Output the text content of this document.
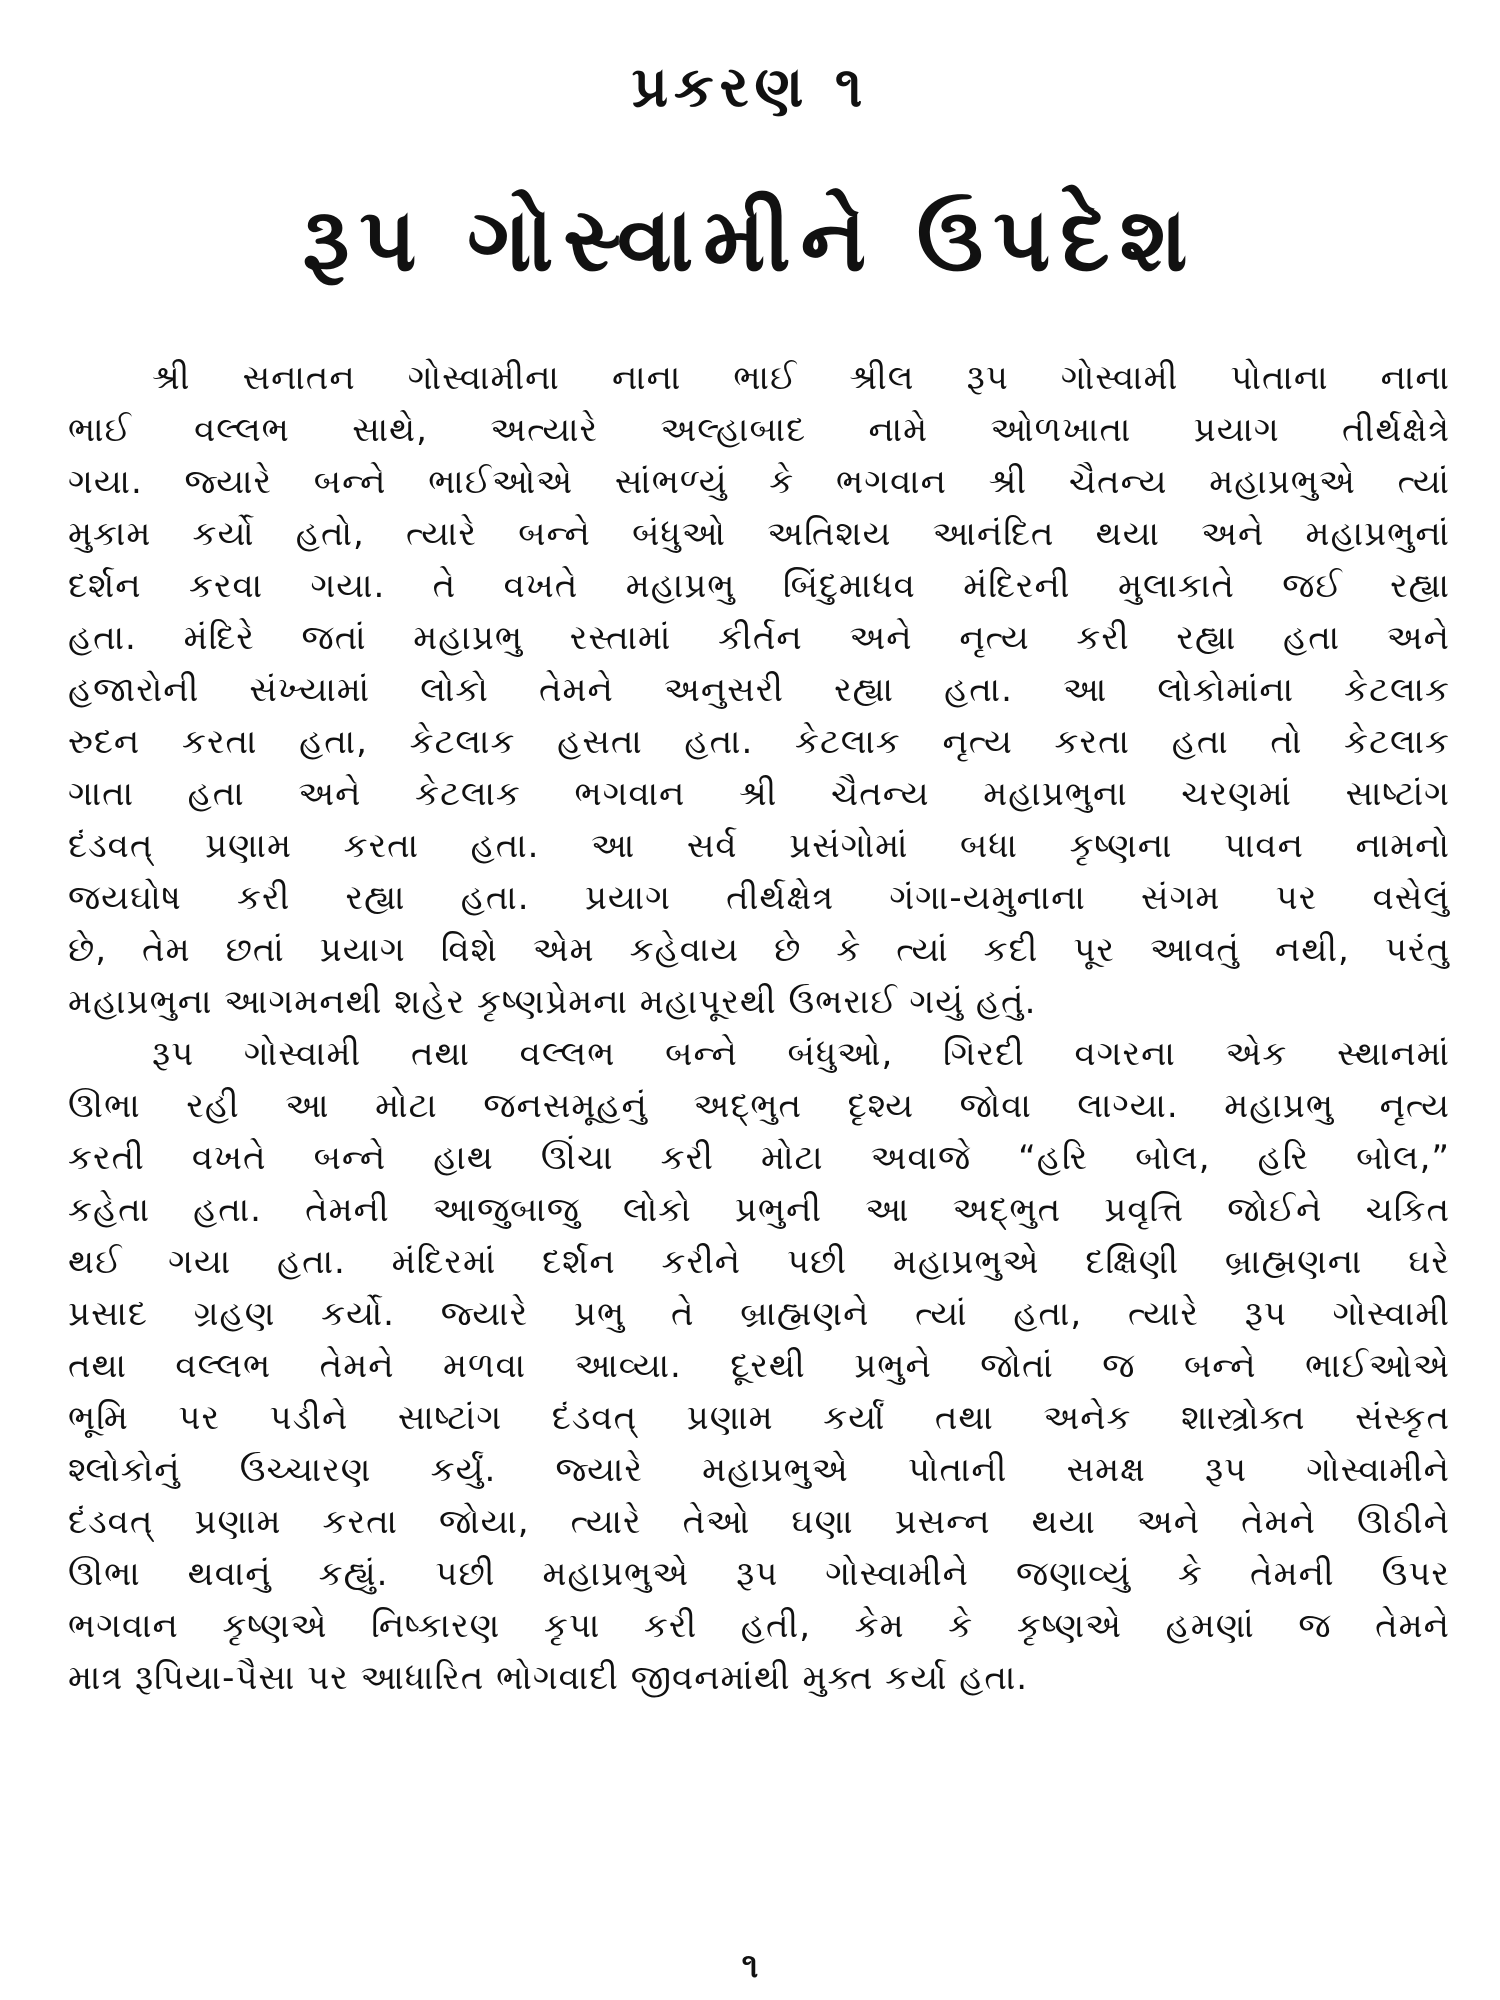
પ્રકરણ ૧
રૂપ ગોસ્વામીને ઉપદેશ
શ્રી સનાતન ગોસ્વામીના નાના ભાઈ શ્રીલ રૂપ ગોસ્વામી પોતાના નાના
ભાઈ વલ્લભ સાથે, અત્યારે અલ્હાબાદ નામે ઓળખાતા પ્રયાગ તીર્થક્ષેત્રે
ગયા. જ્યારે બન્ને ભાઈઓએ સાંભળ્યું કે ભગવાન શ્રી ચૈતન્ય મહાપ્રભુએ ત્યાં
મુકામ કર્યો હતો, ત્યારે બન્ને બંધુઓ અતિશય આનંદિત થયા અને મહાપ્રભુનાં
દર્શન કરવા ગયા. તે વખતે મહાપ્રભુ બિંદુમાધવ મંદિરની મુલાકાતે જઈ રહ્યા
હતા. મંદિરે જતાં મહાપ્રભુ રસ્તામાં કીર્તન અને નૃત્ય કરી રહ્યા હતા અને
હજારોની સંખ્યામાં લોકો તેમને અનુસરી રહ્યા હતા. આ લોકોમાંના કેટલાક
રુદન કરતા હતા, કેટલાક હસતા હતા. કેટલાક નૃત્ય કરતા હતા તો કેટલાક
ગાતા હતા અને કેટલાક ભગવાન શ્રી ચૈતન્ય મહાપ્રભુના ચરણમાં સાષ્ટાંગ
દંડવત્ પ્રણામ કરતા હતા. આ સર્વ પ્રસંગોમાં બધા કૃષ્ણના પાવન નામનો
જયઘોષ કરી રહ્યા હતા. પ્રયાગ તીર્થક્ષેત્ર ગંગા-યમુનાના સંગમ પર વસેલું
છે, તેમ છતાં પ્રયાગ વિશે એમ કહેવાય છે કે ત્યાં કદી પૂર આવતું નથી, પરંતુ
મહાપ્રભુના આગમનથી શહેર કૃષ્ણપ્રેમના મહાપૂરથી ઉભરાઈ ગયું હતું.
રૂપ ગોસ્વામી તથા વલ્લભ બન્ને બંધુઓ, ગિરદી વગરના એક સ્થાનમાં
ઊભા રહી આ મોટા જનસમૂહનું અદ્ભુત દૃશ્ય જોવા લાગ્યા. મહાપ્રભુ નૃત્ય
કરતી વખતે બન્ને હાથ ઊંચા કરી મોટા અવાજે “હરિ બોલ, હરિ બોલ,”
કહેતા હતા. તેમની આજુબાજુ લોકો પ્રભુની આ અદ્ભુત પ્રવૃત્તિ જોઈને ચકિત
થઈ ગયા હતા. મંદિરમાં દર્શન કરીને પછી મહાપ્રભુએ દક્ષિણી બ્રાહ્મણના ઘરે
પ્રસાદ ગ્રહણ કર્યો. જ્યારે પ્રભુ તે બ્રાહ્મણને ત્યાં હતા, ત્યારે રૂપ ગોસ્વામી
તથા વલ્લભ તેમને મળવા આવ્યા. દૂરથી પ્રભુને જોતાં જ બન્ને ભાઈઓએ
ભૂમિ પર પડીને સાષ્ટાંગ દંડવત્ પ્રણામ કર્યાં તથા અનેક શાસ્ત્રોક્ત સંસ્કૃત
શ્લોકોનું ઉચ્ચારણ કર્યું. જ્યારે મહાપ્રભુએ પોતાની સમક્ષ રૂપ ગોસ્વામીને
દંડવત્ પ્રણામ કરતા જોયા, ત્યારે તેઓ ઘણા પ્રસન્ન થયા અને તેમને ઊઠીને
ઊભા થવાનું કહ્યું. પછી મહાપ્રભુએ રૂપ ગોસ્વામીને જણાવ્યું કે તેમની ઉપર
ભગવાન કૃષ્ણએ નિષ્કારણ કૃપા કરી હતી, કેમ કે કૃષ્ણએ હમણાં જ તેમને
માત્ર રૂપિયા-પૈસા પર આધારિત ભોગવાદી જીવનમાંથી મુક્ત કર્યા હતા.
૧
